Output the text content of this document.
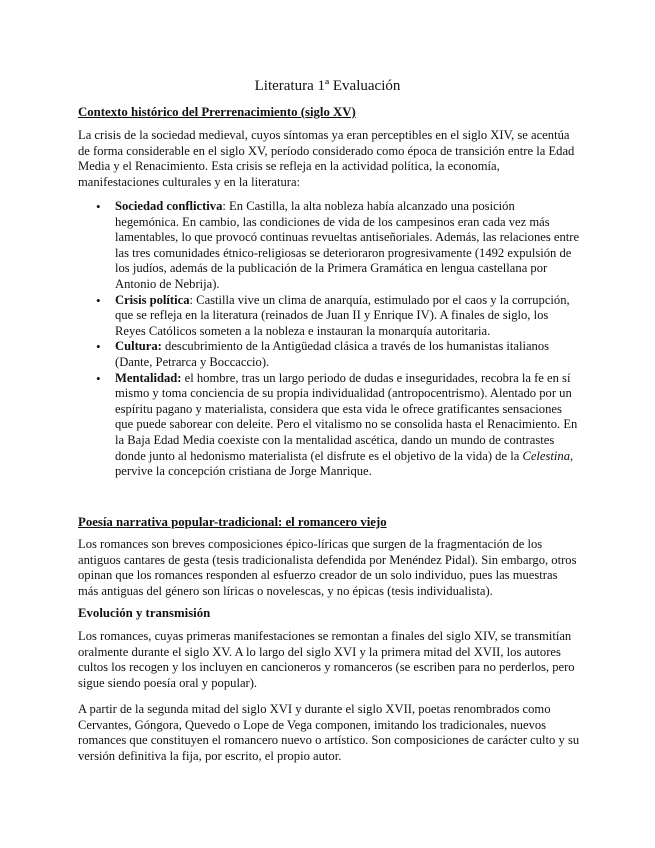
Literatura 1ª Evaluación
Contexto histórico del Prerrenacimiento (siglo XV)
La crisis de la sociedad medieval, cuyos síntomas ya eran perceptibles en el siglo XIV, se acentúa de forma considerable en el siglo XV, período considerado como época de transición entre la Edad Media y el Renacimiento. Esta crisis se refleja en la actividad política, la economía, manifestaciones culturales y en la literatura:
• Sociedad conflictiva: En Castilla, la alta nobleza había alcanzado una posición hegemónica. En cambio, las condiciones de vida de los campesinos eran cada vez más lamentables, lo que provocó continuas revueltas antiseñoriales. Además, las relaciones entre las tres comunidades étnico-religiosas se deterioraron progresivamente (1492 expulsión de los judíos, además de la publicación de la Primera Gramática en lengua castellana por Antonio de Nebrija).
• Crisis política: Castilla vive un clima de anarquía, estimulado por el caos y la corrupción, que se refleja en la literatura (reinados de Juan II y Enrique IV). A finales de siglo, los Reyes Católicos someten a la nobleza e instauran la monarquía autoritaria.
• Cultura: descubrimiento de la Antigüedad clásica a través de los humanistas italianos (Dante, Petrarca y Boccaccio).
• Mentalidad: el hombre, tras un largo periodo de dudas e inseguridades, recobra la fe en sí mismo y toma conciencia de su propia individualidad (antropocentrismo). Alentado por un espíritu pagano y materialista, considera que esta vida le ofrece gratificantes sensaciones que puede saborear con deleite. Pero el vitalismo no se consolida hasta el Renacimiento. En la Baja Edad Media coexiste con la mentalidad ascética, dando un mundo de contrastes donde junto al hedonismo materialista (el disfrute es el objetivo de la vida) de la Celestina, pervive la concepción cristiana de Jorge Manrique.
Poesía narrativa popular-tradicional: el romancero viejo
Los romances son breves composiciones épico-líricas que surgen de la fragmentación de los antiguos cantares de gesta (tesis tradicionalista defendida por Menéndez Pidal). Sin embargo, otros opinan que los romances responden al esfuerzo creador de un solo individuo, pues las muestras más antiguas del género son líricas o novelescas, y no épicas (tesis individualista).
Evolución y transmisión
Los romances, cuyas primeras manifestaciones se remontan a finales del siglo XIV, se transmitían oralmente durante el siglo XV. A lo largo del siglo XVI y la primera mitad del XVII, los autores cultos los recogen y los incluyen en cancioneros y romanceros (se escriben para no perderlos, pero sigue siendo poesía oral y popular).
A partir de la segunda mitad del siglo XVI y durante el siglo XVII, poetas renombrados como Cervantes, Góngora, Quevedo o Lope de Vega componen, imitando los tradicionales, nuevos romances que constituyen el romancero nuevo o artístico. Son composiciones de carácter culto y su versión definitiva la fija, por escrito, el propio autor.
